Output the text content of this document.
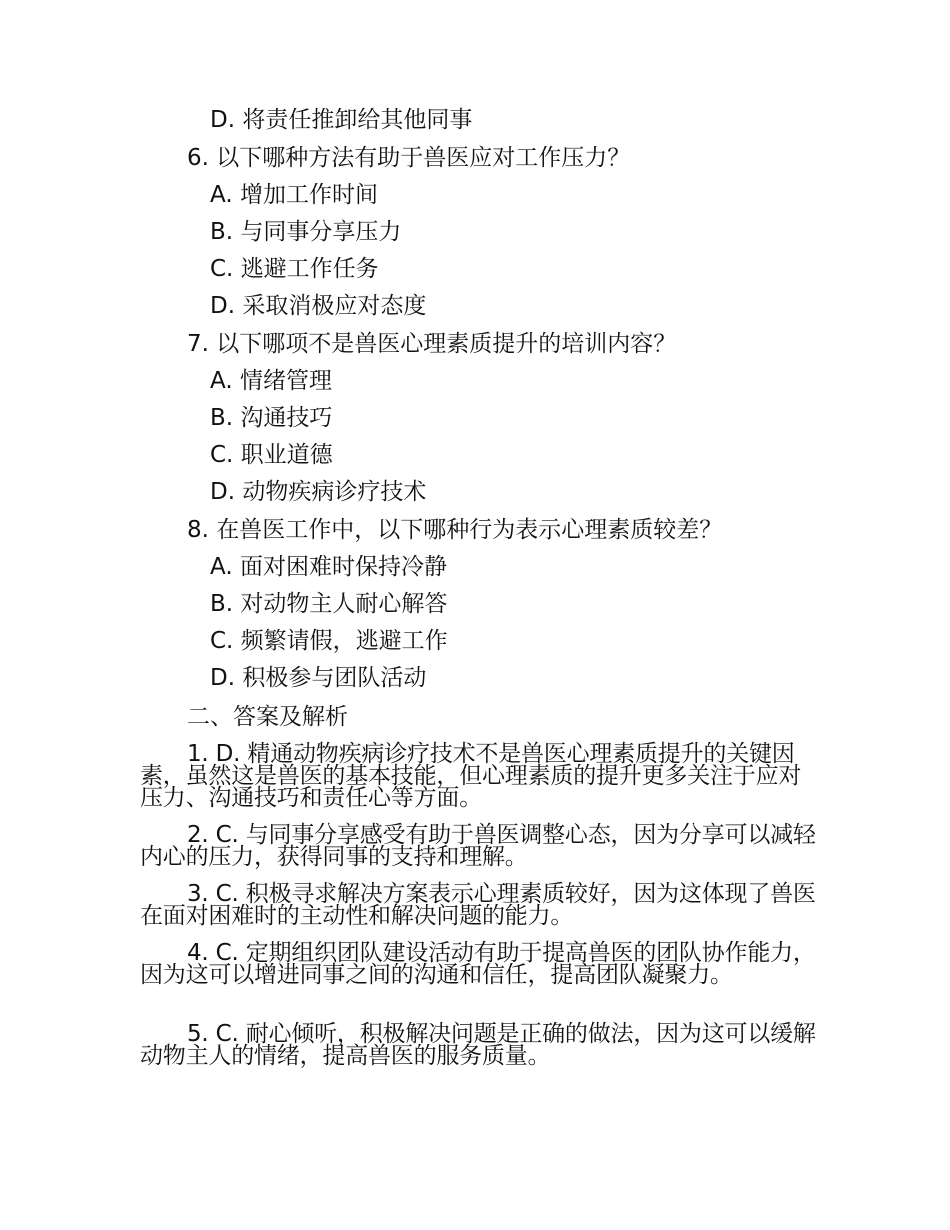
D. 将责任推卸给其他同事
6. 以下哪种方法有助于兽医应对工作压力？
A. 增加工作时间
B. 与同事分享压力
C. 逃避工作任务
D. 采取消极应对态度
7. 以下哪项不是兽医心理素质提升的培训内容？
A. 情绪管理
B. 沟通技巧
C. 职业道德
D. 动物疾病诊疗技术
8. 在兽医工作中，以下哪种行为表示心理素质较差？
A. 面对困难时保持冷静
B. 对动物主人耐心解答
C. 频繁请假，逃避工作
D. 积极参与团队活动
二、答案及解析
1. D. 精通动物疾病诊疗技术不是兽医心理素质提升的关键因素，虽然这是兽医的基本技能，但心理素质的提升更多关注于应对压力、沟通技巧和责任心等方面。
2. C. 与同事分享感受有助于兽医调整心态，因为分享可以减轻内心的压力，获得同事的支持和理解。
3. C. 积极寻求解决方案表示心理素质较好，因为这体现了兽医在面对困难时的主动性和解决问题的能力。
4. C. 定期组织团队建设活动有助于提高兽医的团队协作能力，因为这可以增进同事之间的沟通和信任，提高团队凝聚力。
5. C. 耐心倾听，积极解决问题是正确的做法，因为这可以缓解动物主人的情绪，提高兽医的服务质量。
